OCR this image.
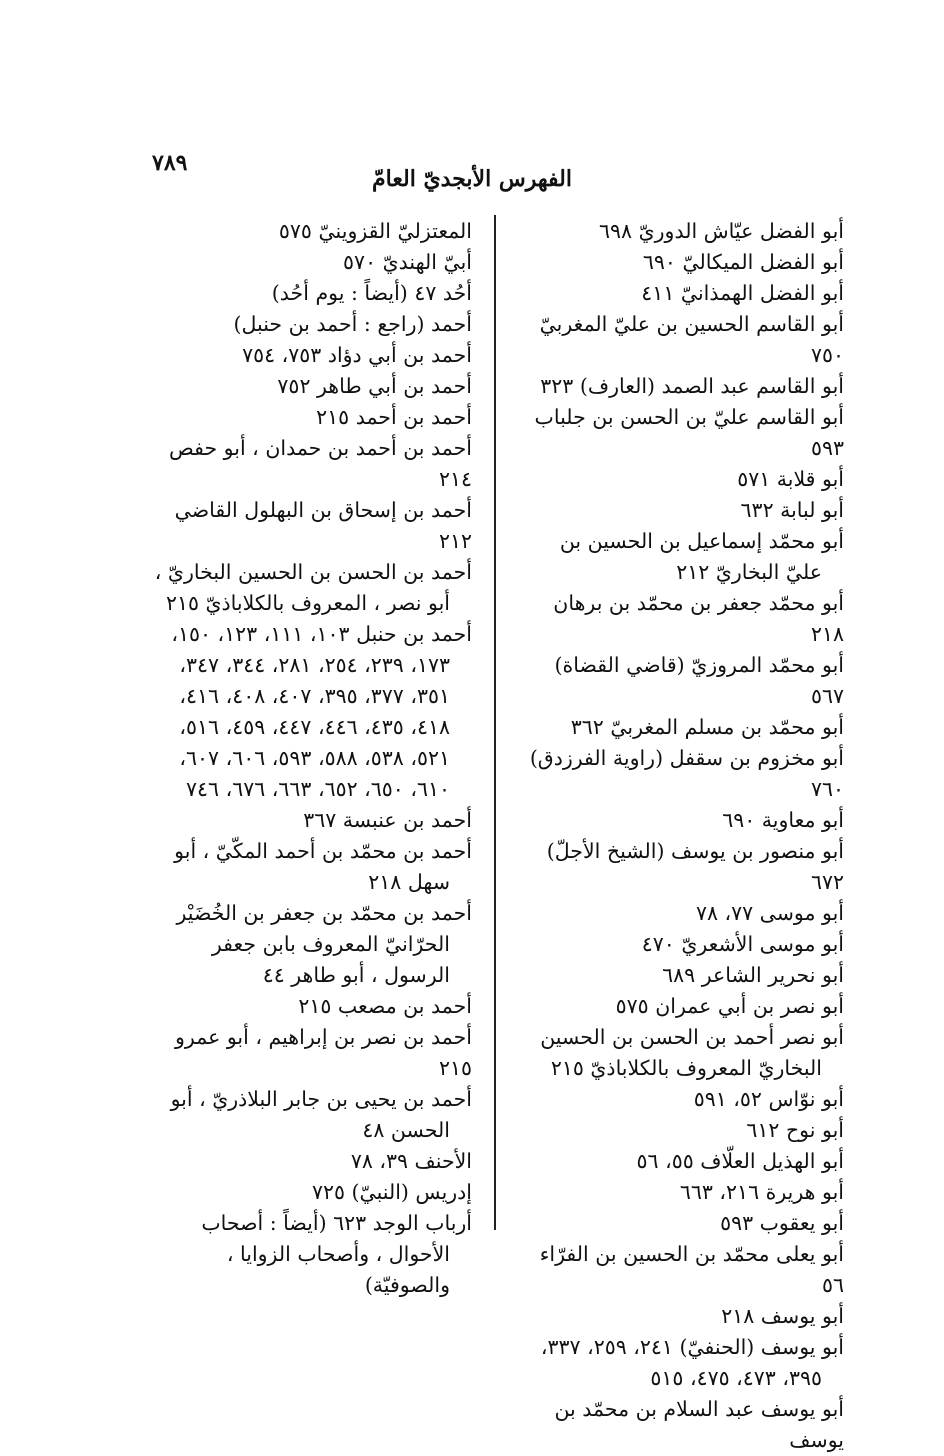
٧٨٩
الفهرس الأبجديّ العامّ
أبو الفضل عيّاش الدوريّ ٦٩٨
أبو الفضل الميكاليّ ٦٩٠
أبو الفضل الهمذانيّ ٤١١
أبو القاسم الحسين بن عليّ المغربيّ ٧٥٠
أبو القاسم عبد الصمد (العارف) ٣٢٣
أبو القاسم عليّ بن الحسن بن جلباب ٥٩٣
أبو قلابة ٥٧١
أبو لبابة ٦٣٢
أبو محمّد إسماعيل بن الحسين بن عليّ البخاريّ ٢١٢
أبو محمّد جعفر بن محمّد بن برهان ٢١٨
أبو محمّد المروزيّ (قاضي القضاة) ٥٦٧
أبو محمّد بن مسلم المغربيّ ٣٦٢
أبو مخزوم بن سقفل (راوية الفرزدق) ٧٦٠
أبو معاوية ٦٩٠
أبو منصور بن يوسف (الشيخ الأجلّ) ٦٧٢
أبو موسى ٧٧، ٧٨
أبو موسى الأشعريّ ٤٧٠
أبو نحرير الشاعر ٦٨٩
أبو نصر بن أبي عمران ٥٧٥
أبو نصر أحمد بن الحسن بن الحسين البخاريّ المعروف بالكلاباذيّ ٢١٥
أبو نوّاس ٥٢، ٥٩١
أبو نوح ٦١٢
أبو الهذيل العلّاف ٥٥، ٥٦
أبو هريرة ٢١٦، ٦٦٣
أبو يعقوب ٥٩٣
أبو يعلى محمّد بن الحسين بن الفرّاء ٥٦
أبو يوسف ٢١٨
أبو يوسف (الحنفيّ) ٢٤١، ٢٥٩، ٣٣٧، ٣٩٥، ٤٧٣، ٤٧٥، ٥١٥
أبو يوسف عبد السلام بن محمّد بن يوسف
المعتزليّ القزوينيّ ٥٧٥
أبيّ الهنديّ ٥٧٠
أحُد ٤٧ (أيضاً : يوم أحُد)
أحمد (راجع : أحمد بن حنبل)
أحمد بن أبي دؤاد ٧٥٣، ٧٥٤
أحمد بن أبي طاهر ٧٥٢
أحمد بن أحمد ٢١٥
أحمد بن أحمد بن حمدان ، أبو حفص ٢١٤
أحمد بن إسحاق بن البهلول القاضي ٢١٢
أحمد بن الحسن بن الحسين البخاريّ ، أبو نصر ، المعروف بالكلاباذيّ ٢١٥
أحمد بن حنبل ١٠٣، ١١١، ١٢٣، ١٥٠، ١٧٣، ٢٣٩، ٢٥٤، ٢٨١، ٣٤٤، ٣٤٧، ٣٥١، ٣٧٧، ٣٩٥، ٤٠٧، ٤٠٨، ٤١٦، ٤١٨، ٤٣٥، ٤٤٦، ٤٤٧، ٤٥٩، ٥١٦، ٥٢١، ٥٣٨، ٥٨٨، ٥٩٣، ٦٠٦، ٦٠٧، ٦١٠، ٦٥٠، ٦٥٢، ٦٦٣، ٦٧٦، ٧٤٦
أحمد بن عنبسة ٣٦٧
أحمد بن محمّد بن أحمد المكّيّ ، أبو سهل ٢١٨
أحمد بن محمّد بن جعفر بن الخُضَيْر الحرّانيّ المعروف بابن جعفر الرسول ، أبو طاهر ٤٤
أحمد بن مصعب ٢١٥
أحمد بن نصر بن إبراهيم ، أبو عمرو ٢١٥
أحمد بن يحيى بن جابر البلاذريّ ، أبو الحسن ٤٨
الأحنف ٣٩، ٧٨
إدريس (النبيّ) ٧٢٥
أرباب الوجد ٦٢٣ (أيضاً : أصحاب الأحوال ، وأصحاب الزوايا ، والصوفيّة)
